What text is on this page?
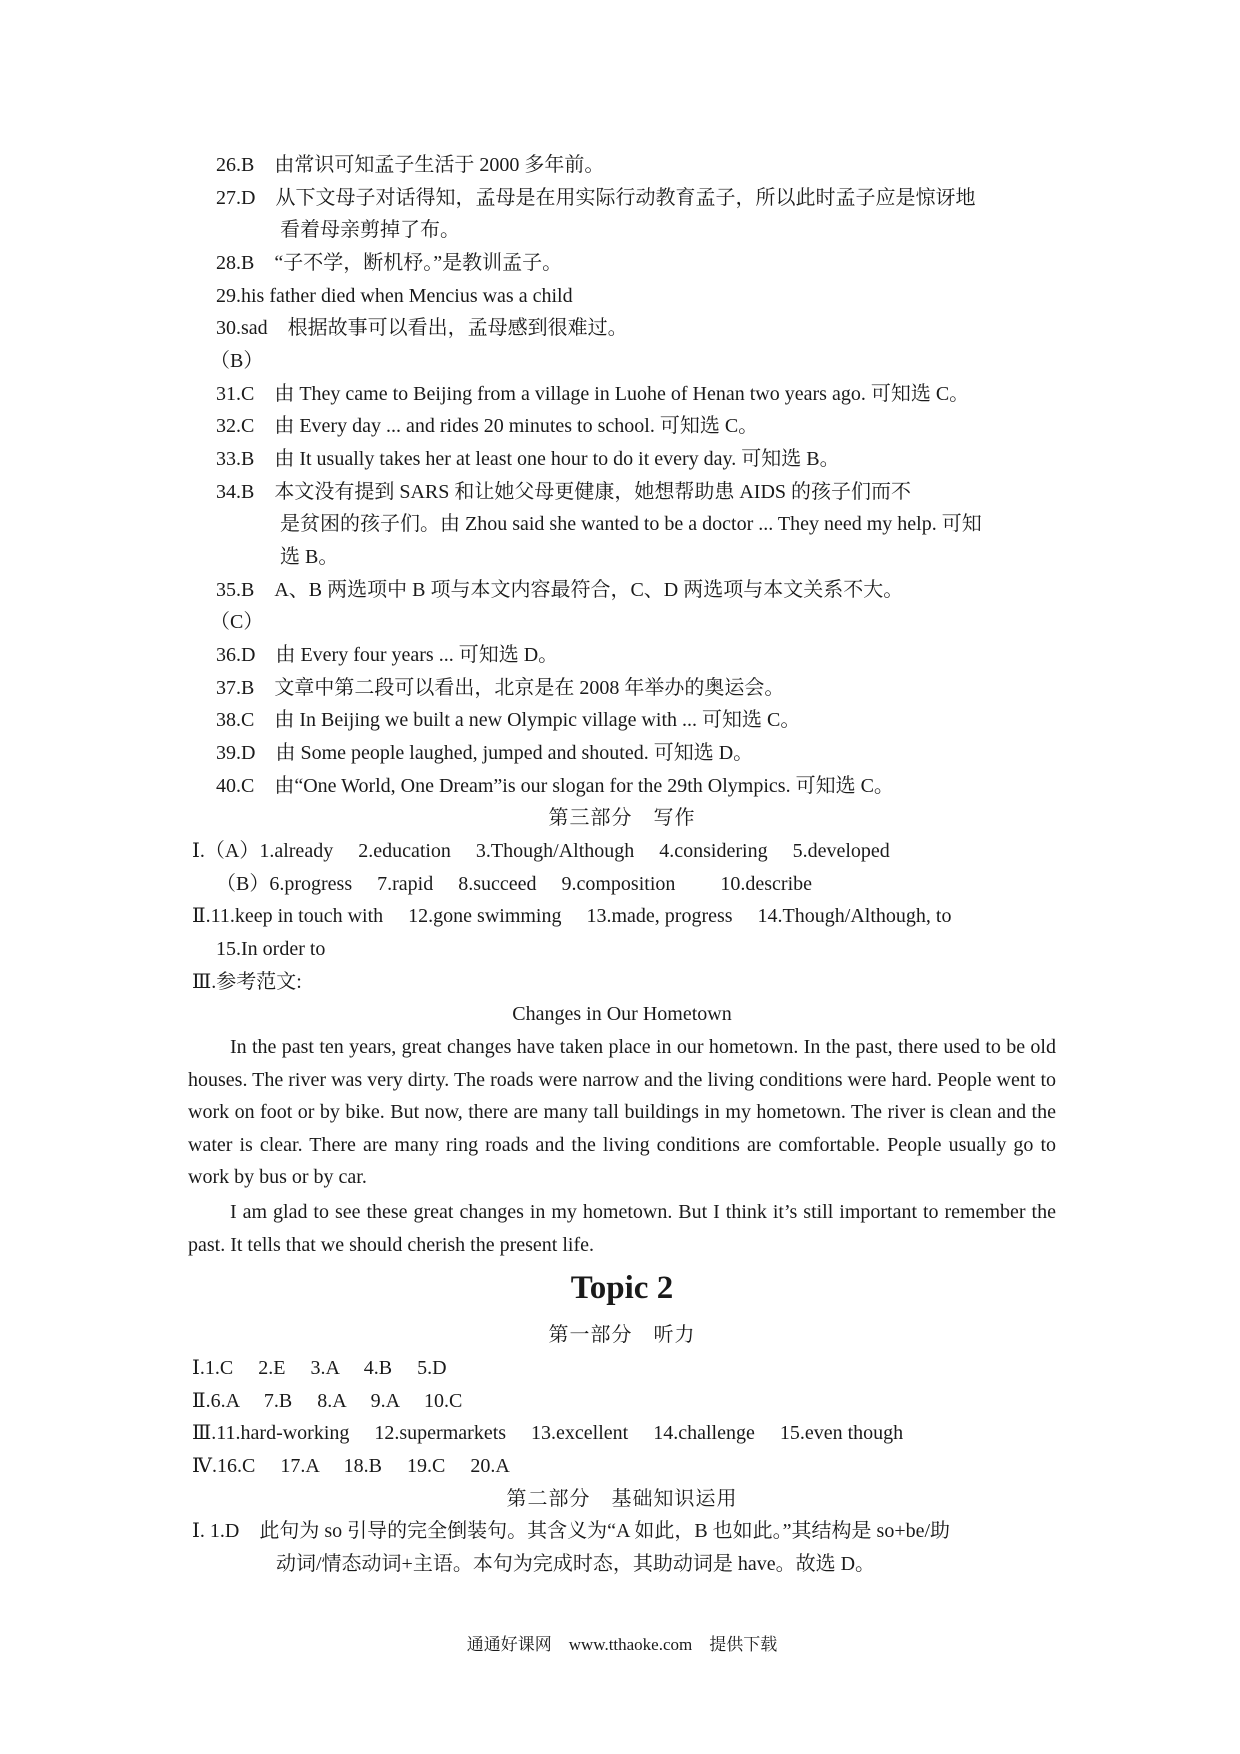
26.B　由常识可知孟子生活于 2000 多年前。
27.D　从下文母子对话得知，孟母是在用实际行动教育孟子，所以此时孟子应是惊讶地
看着母亲剪掉了布。
28.B　“子不学，断机杼。”是教训孟子。
29.his father died when Mencius was a child
30.sad　根据故事可以看出，孟母感到很难过。
（B）
31.C　由 They came to Beijing from a village in Luohe of Henan two years ago. 可知选 C。
32.C　由 Every day ... and rides 20 minutes to school. 可知选 C。
33.B　由 It usually takes her at least one hour to do it every day. 可知选 B。
34.B　本文没有提到 SARS 和让她父母更健康，她想帮助患 AIDS 的孩子们而不
是贫困的孩子们。由 Zhou said she wanted to be a doctor ... They need my help. 可知
选 B。
35.B　A、B 两选项中 B 项与本文内容最符合，C、D 两选项与本文关系不大。
（C）
36.D　由 Every four years ... 可知选 D。
37.B　文章中第二段可以看出，北京是在 2008 年举办的奥运会。
38.C　由 In Beijing we built a new Olympic village with ... 可知选 C。
39.D　由 Some people laughed, jumped and shouted. 可知选 D。
40.C　由“One World, One Dream”is our slogan for the 29th Olympics. 可知选 C。
第三部分　写作
Ⅰ.（A）1.already　 2.education　 3.Though/Although　 4.considering　 5.developed
（B）6.progress　 7.rapid　 8.succeed　 9.composition　　 10.describe
Ⅱ.11.keep in touch with　 12.gone swimming　 13.made, progress　 14.Though/Although, to
15.In order to
Ⅲ.参考范文:
Changes in Our Hometown
In the past ten years, great changes have taken place in our hometown. In the past, there used to be old houses. The river was very dirty. The roads were narrow and the living conditions were hard. People went to work on foot or by bike. But now, there are many tall buildings in my hometown. The river is clean and the water is clear. There are many ring roads and the living conditions are comfortable. People usually go to work by bus or by car.
I am glad to see these great changes in my hometown. But I think it’s still important to remember the past. It tells that we should cherish the present life.
Topic 2
第一部分　听力
Ⅰ.1.C　 2.E　 3.A　 4.B　 5.D
Ⅱ.6.A　 7.B　 8.A　 9.A　 10.C
Ⅲ.11.hard-working　 12.supermarkets　 13.excellent　 14.challenge　 15.even though
Ⅳ.16.C　 17.A　 18.B　 19.C　 20.A
第二部分　基础知识运用
Ⅰ. 1.D　此句为 so 引导的完全倒装句。其含义为“A 如此，B 也如此。”其结构是 so+be/助
动词/情态动词+主语。本句为完成时态，其助动词是 have。故选 D。
通通好课网　www.tthaoke.com　提供下载
